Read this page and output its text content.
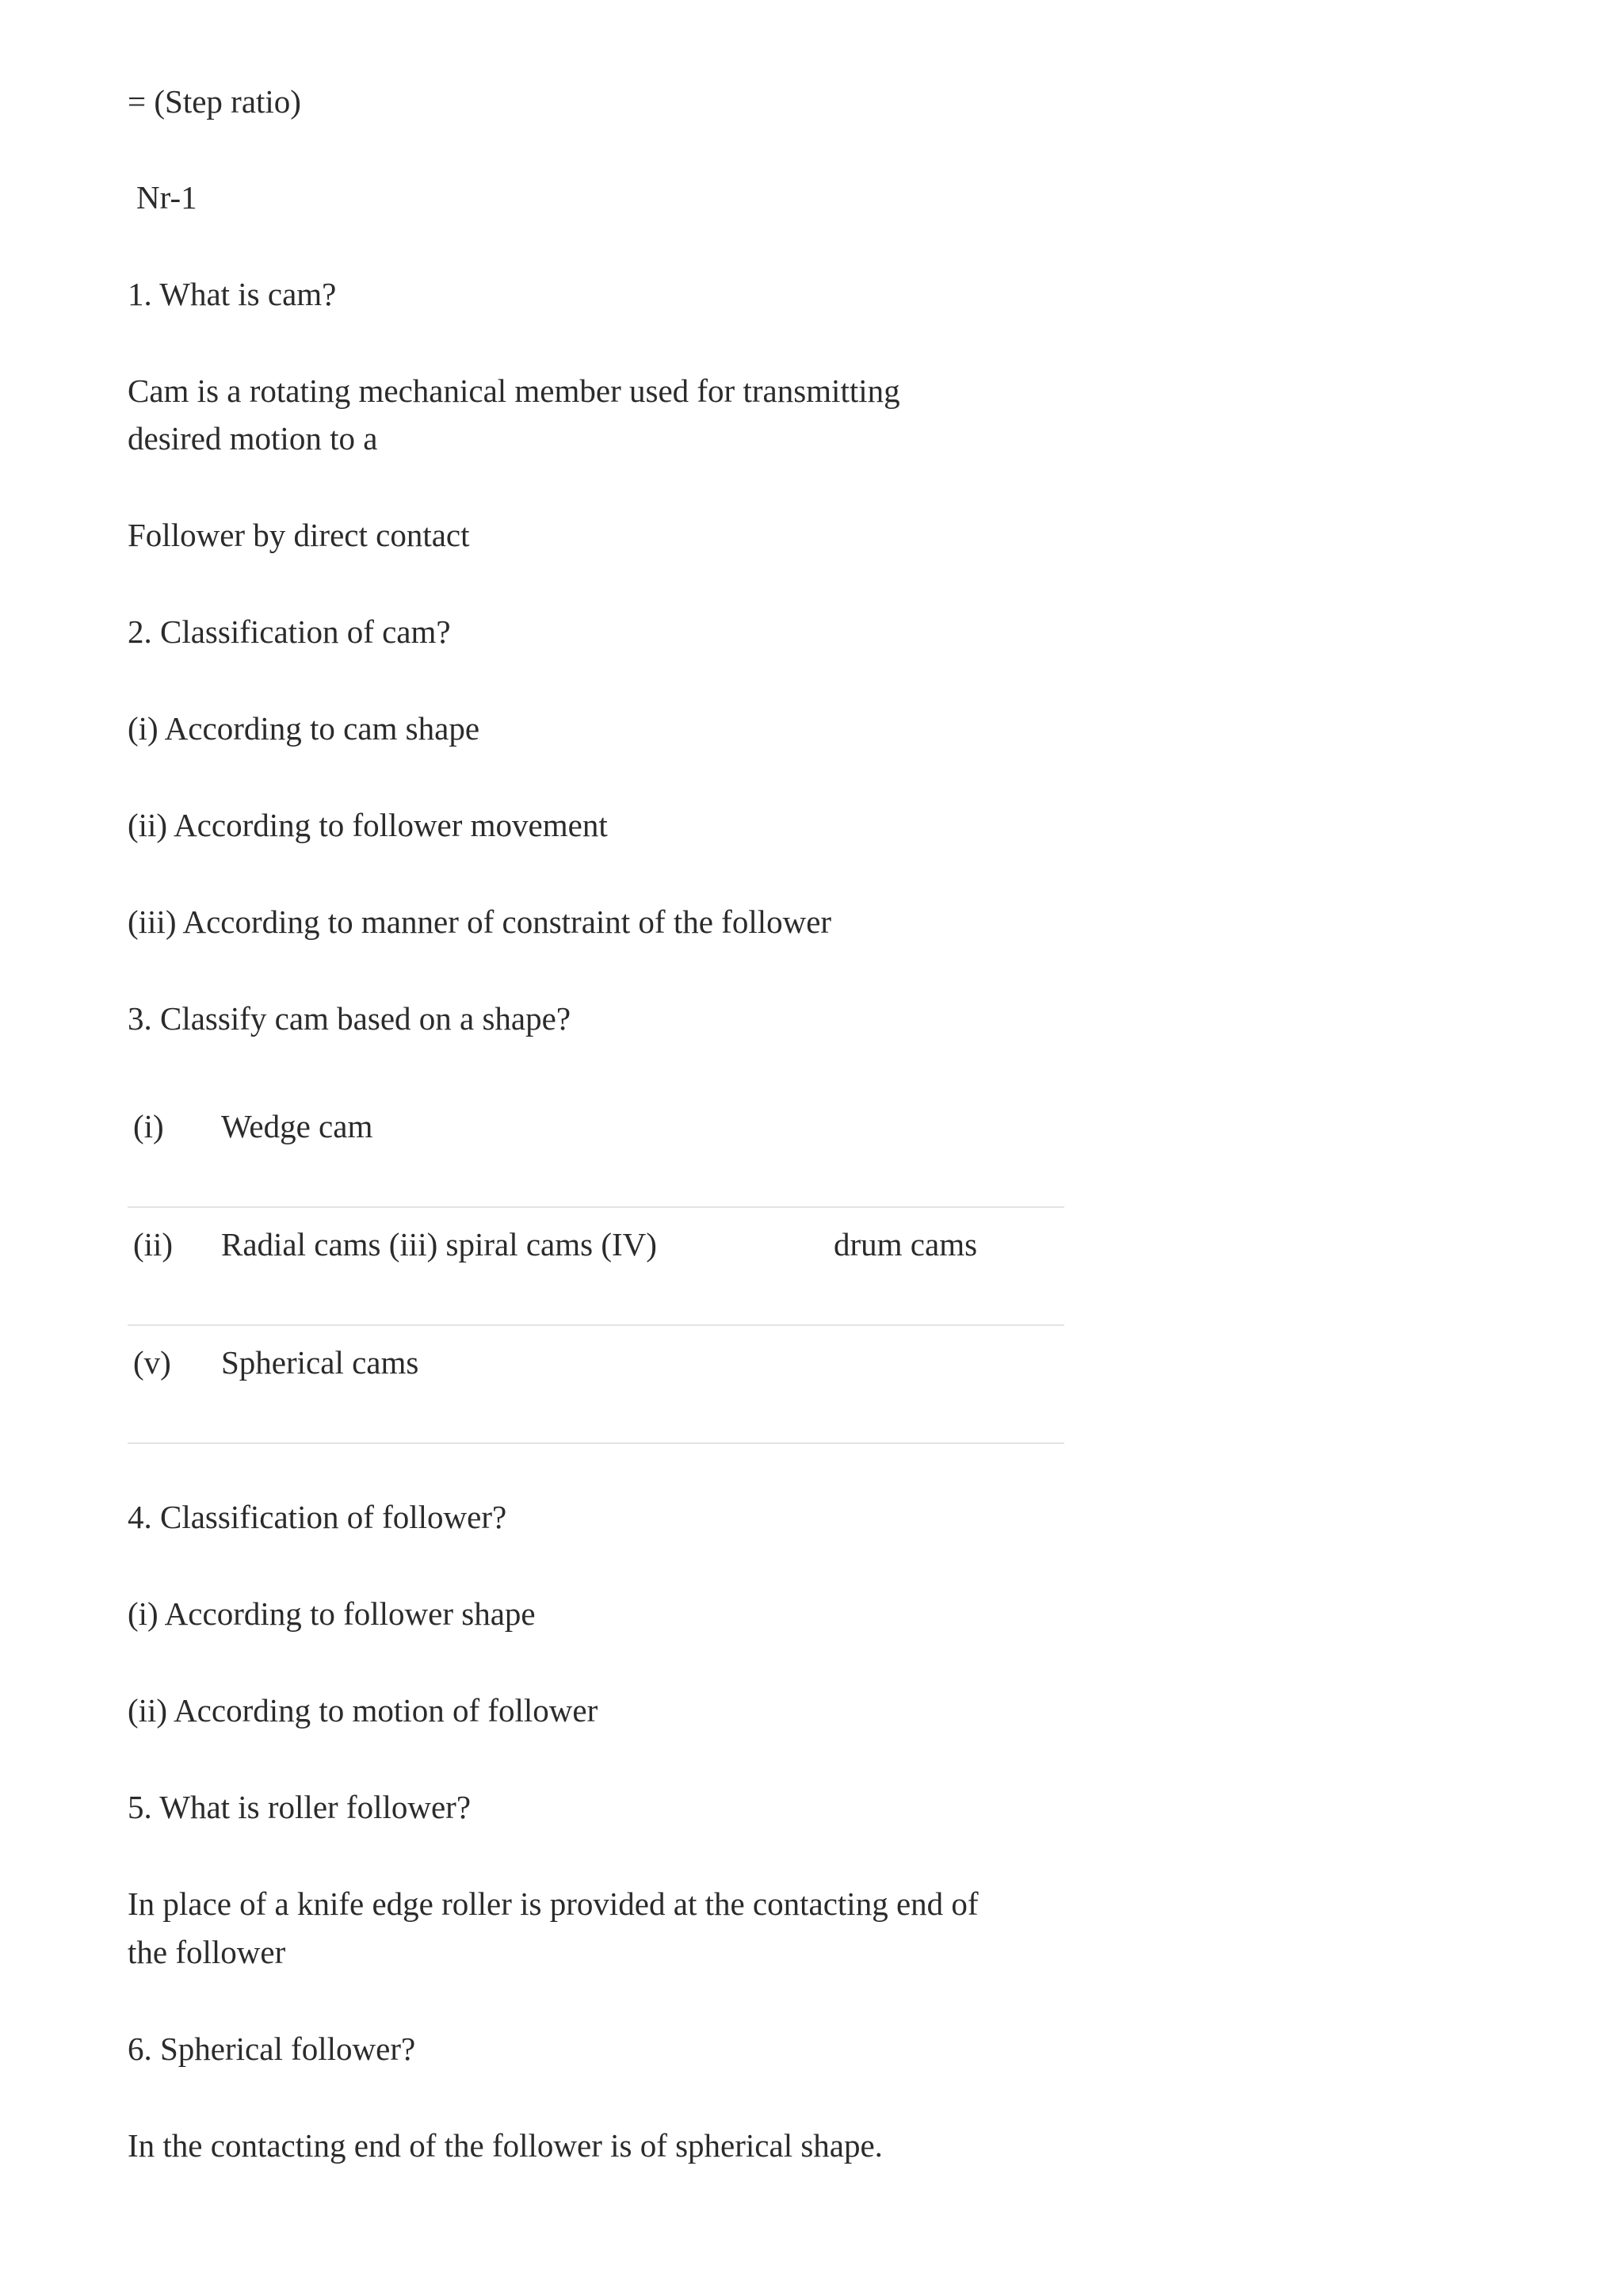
= (Step ratio)

Nr-1

1. What is cam?

Cam is a rotating mechanical member used for transmitting

desired motion to a

Follower by direct contact

2. Classification of cam?

(i) According to cam shape

(ii) According to follower movement

(iii) According to manner of constraint of the follower

3. Classify cam based on a shape?

(i) Wedge cam
(ii) Radial cams (iii) spiral cams (IV)	drum cams
(v) Spherical cams

4. Classification of follower?

(i) According to follower shape

(ii) According to motion of follower

5. What is roller follower?

In place of a knife edge roller is provided at the contacting end of

the follower

6. Spherical follower?

In the contacting end of the follower is of spherical shape.
